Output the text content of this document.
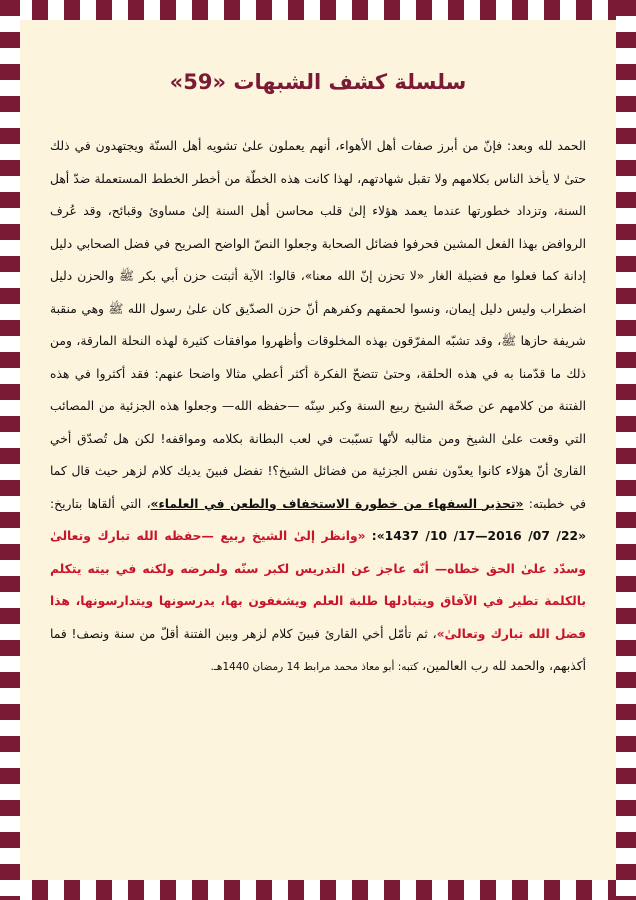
سلسلة كشف الشبهات «59»

الحمد لله وبعد: فإنّ من أبرز صفات أهل الأهواء، أنهم يعملون علىٰ تشويه أهل السنّة ويجتهدون في ذلك حتىٰ لا يأخذ الناس بكلامهم ولا تقبل شهادتهم، لهذا كانت هذه الخطّة من أخطر الخطط المستعملة ضدّ أهل السنة، وتزداد خطورتها عندما يعمد هؤلاء إلىٰ قلب محاسن أهل السنة إلىٰ مساوئ وقبائح، وقد عُرف الروافض بهذا الفعل المشين فحرفوا فضائل الصحابة وجعلوا النصّ الواضح الصريح في فضل الصحابي دليل إدانة كما فعلوا مع فضيلة الغار «لا تحزن إنّ الله معنا»، قالوا: الآية أثبتت حزن أبي بكر ﷺ والحزن دليل اضطراب وليس دليل إيمان، ونسوا لحمقهم وكفرهم أنّ حزن الصدّيق كان علىٰ رسول الله ﷺ وهي منقبة شريفة حازها ﷺ، وقد تشبّه المفرّقون بهذه المخلوقات وأظهروا موافقات كثيرة لهذه النحلة المارقة، ومن ذلك ما قدّمنا به في هذه الحلقة، وحتىٰ تتضحّ الفكرة أكثر أعطي مثالا واضحا عنهم: فقد أكثروا في هذه الفتنة من كلامهم عن صحّة الشيخ ربيع السنة وكبر سِنّه —حفظه الله— وجعلوا هذه الجزئية من المصائب التي وقعت علىٰ الشيخ ومن مثالبه لأنّها تسبّبت في لعب البطانة بكلامه ومواقفه! لكن هل تُصدّق أخي القارئ أنّ هؤلاء كانوا يعدّون نفس الجزئية من فضائل الشيخ؟! تفضل فبينَ يديك كلام لزهر حيث قال كما في خطبته: «تحذير السفهاء من خطورة الاستخفاف والطعن في العلماء»، التي ألقاها بتاريخ: «22/ 07/ 2016—17/ 10/ 1437»: «وانظر إلىٰ الشيخ ربيع —حفظه الله تبارك وتعالىٰ وسدّد علىٰ الحق خطاه— أنّه عاجز عن التدريس لكبر سنّه ولمرضه ولكنه في بيته يتكلم بالكلمة تطير في الآفاق ويتبادلها طلبة العلم ويشغفون بها، يدرسونها ويتدارسونها، هذا فضل الله تبارك وتعالىٰ»، ثم تأمّل أخي القارئ فبينَ كلام لزهر وبين الفتنة أقلّ من سنة ونصف! فما أكذبهم، والحمد لله رب العالمين، كتبه: أبو معاذ محمد مرابط 14 رمضان 1440هـ.
